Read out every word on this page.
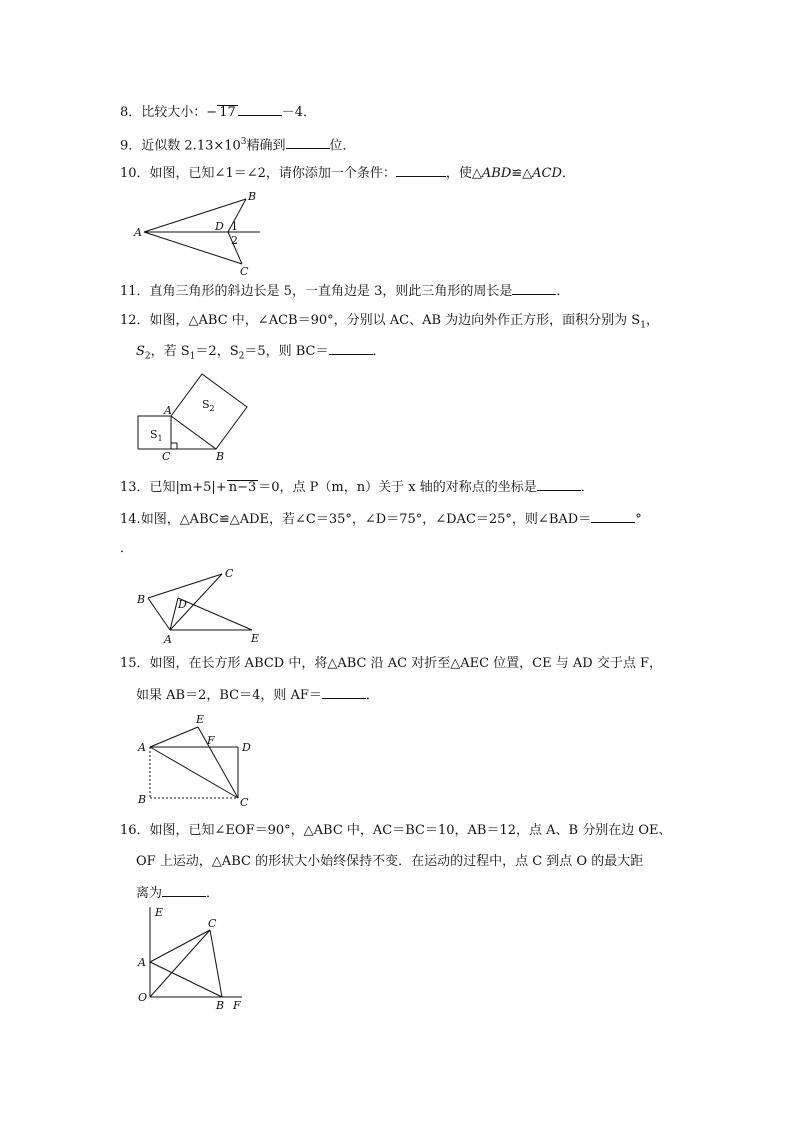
8．比较大小：− 17	－4．
9．近似数 $2.13\times 10^3$精确到	位．
10．如图，已知∠1＝∠2，请你添加一个条件：	，使△ABD≌△ACD．
A
B
C
D 1
2
11．直角三角形的斜边长是 5，一直角边是 3，则此三角形的周长是	．
12．如图，△ABC 中，∠ACB＝90°，分别以 AC、AB 为边向外作正方形，面积分别为 $S_1$，
$S_2$，若 $S_1=2$，$S_2=5$，则 BC＝	．
$S_1$
$S_2$
A
B
C
13．已知|m+5|+ n−3 ＝0，点 P（m，n）关于 x 轴的对称点的坐标是	．
14.如图，△ABC≌△ADE，若∠C＝35°，∠D＝75°，∠DAC＝25°，则∠BAD＝	°
．
B
C
D
A	E
15．如图，在长方形 ABCD 中，将△ABC 沿 AC 对折至△AEC 位置，CE 与 AD 交于点 F，
如果 AB＝2，BC＝4，则 AF＝	．
A
E
F
D
B	C
16．如图，已知∠EOF＝90°，△ABC 中，AC＝BC＝10，AB＝12，点 A、B 分别在边 OE、
OF 上运动，△ABC 的形状大小始终保持不变．在运动的过程中，点 C 到点 O 的最大距
离为	．
E
C
A
O
B F
